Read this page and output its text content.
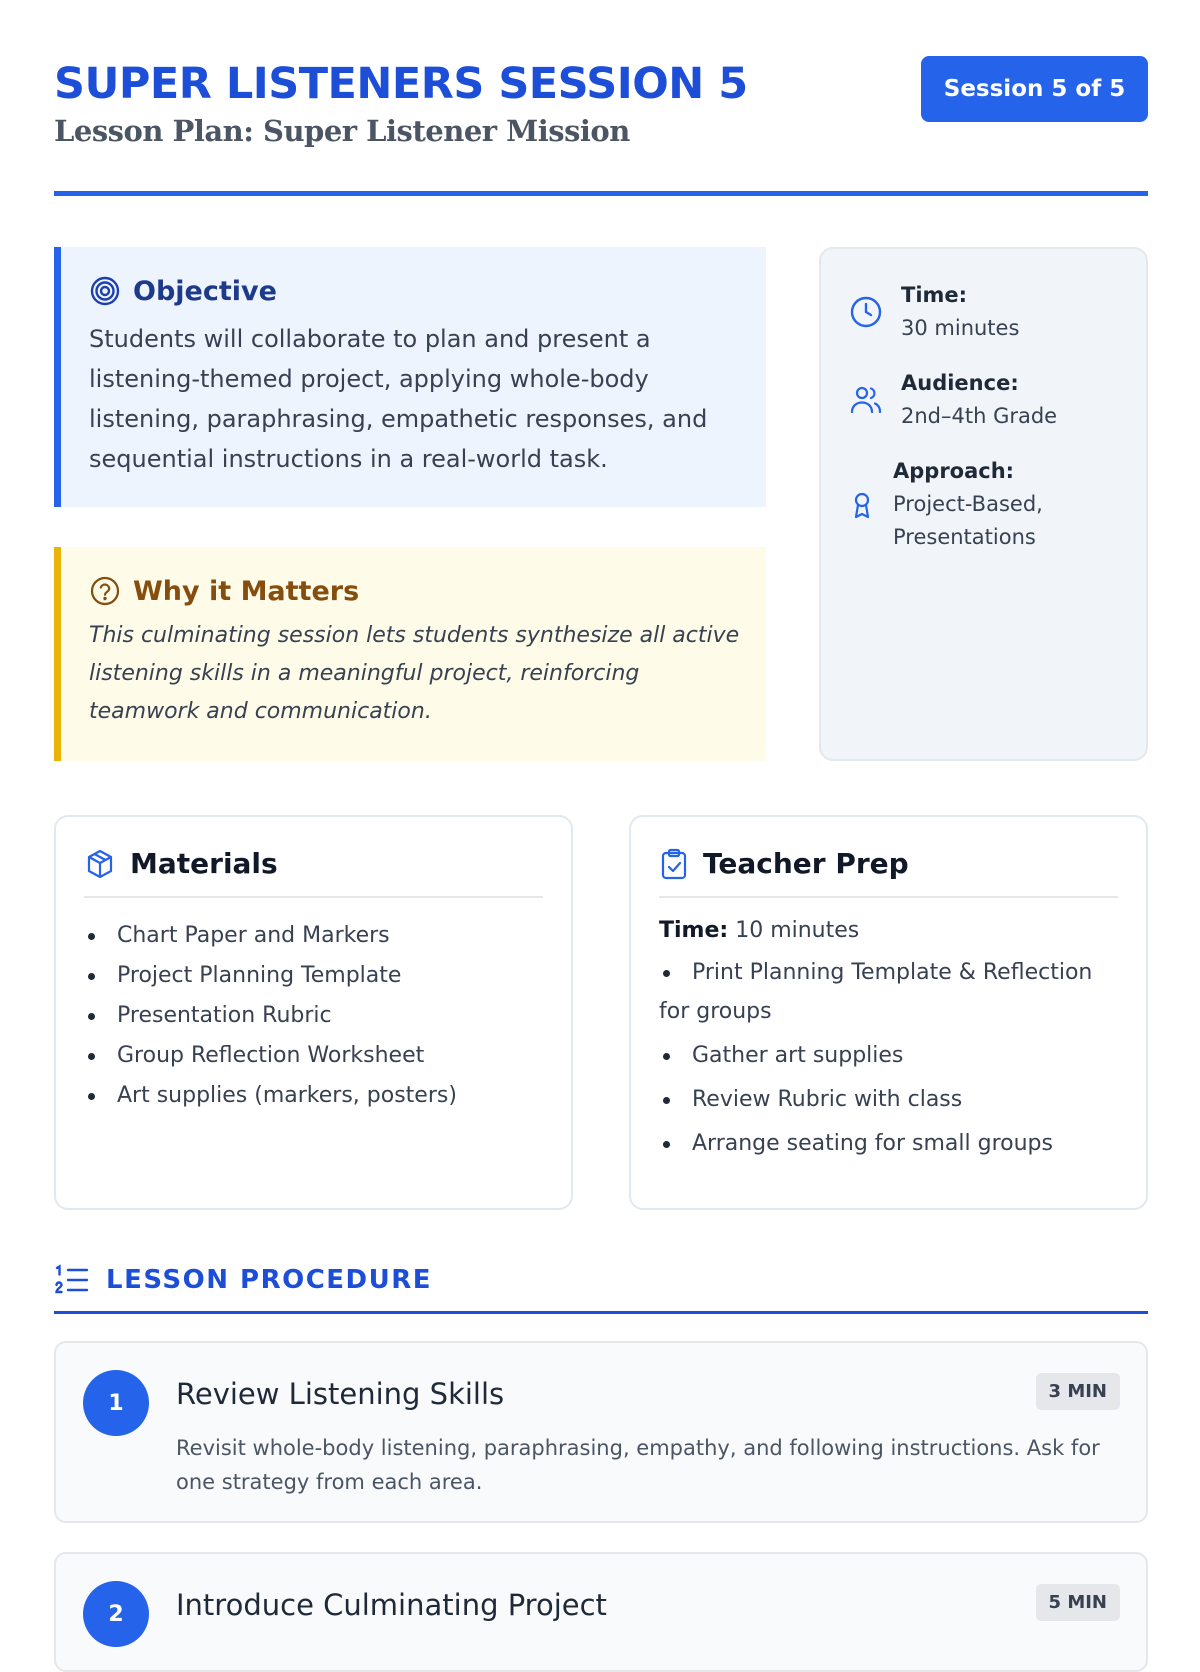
SUPER LISTENERS SESSION 5
Lesson Plan: Super Listener Mission
Session 5 of 5
Objective

Students will collaborate to plan and present a listening-themed project, applying whole-body listening, paraphrasing, empathetic responses, and sequential instructions in a real-world task.

Why it Matters

This culminating session lets students synthesize all active listening skills in a meaningful project, reinforcing teamwork and communication.

Time:
30 minutes
Audience:
2nd–4th Grade
Approach:
Project-Based, Presentations
Materials
Chart Paper and Markers
Project Planning Template
Presentation Rubric
Group Reflection Worksheet
Art supplies (markers, posters)
Teacher Prep
Time: 10 minutes
Print Planning Template & Reflection for groups
Gather art supplies
Review Rubric with class
Arrange seating for small groups
LESSON PROCEDURE
1	Review Listening Skills	3 MIN
Revisit whole-body listening, paraphrasing, empathy, and following instructions. Ask for one strategy from each area.
2	Introduce Culminating Project	5 MIN
